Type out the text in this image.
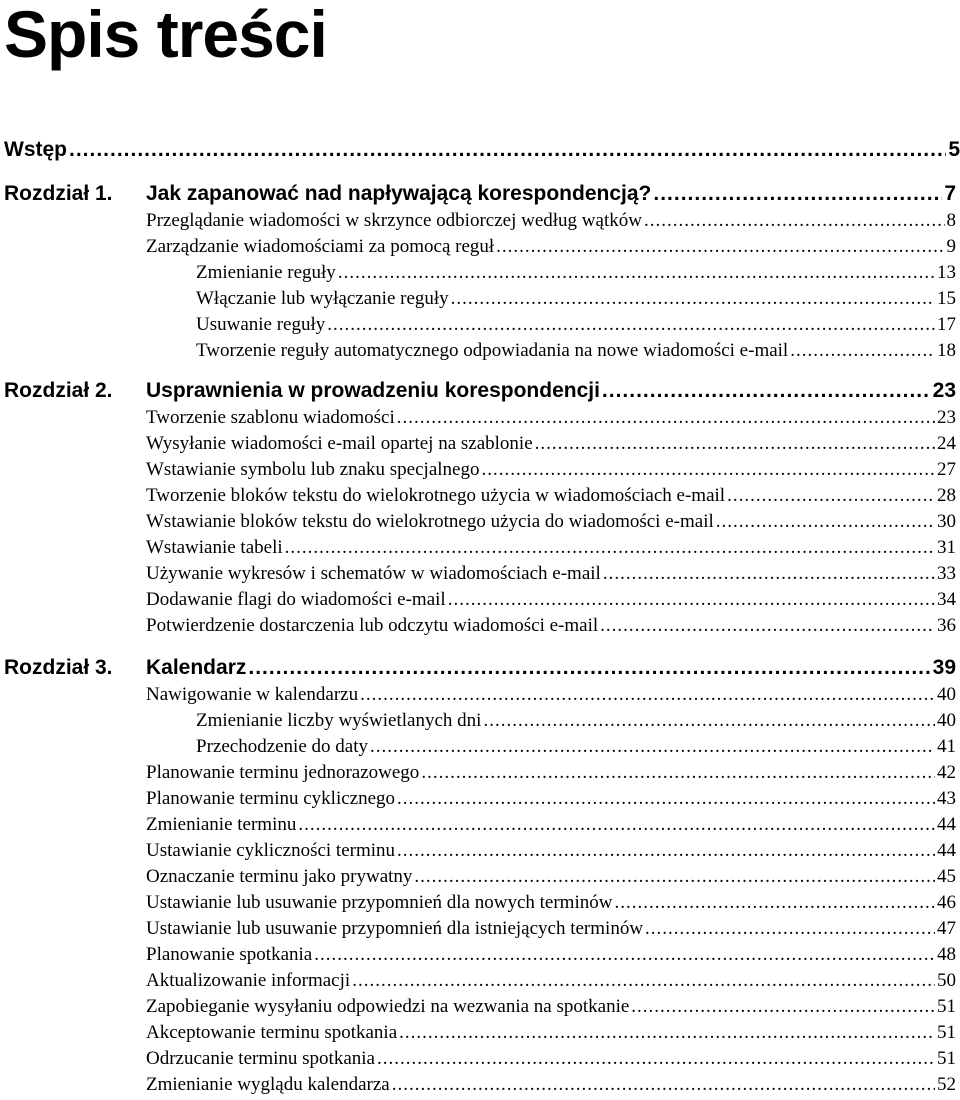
Spis treści
Wstęp .....	5
Rozdział 1. Jak zapanować nad napływającą korespondencją? .....	7
Przeglądanie wiadomości w skrzynce odbiorczej według wątków .....	8
Zarządzanie wiadomościami za pomocą reguł .....	9
Zmienianie reguły .....	13
Włączanie lub wyłączanie reguły .....	15
Usuwanie reguły .....	17
Tworzenie reguły automatycznego odpowiadania na nowe wiadomości e-mail .....	18
Rozdział 2. Usprawnienia w prowadzeniu korespondencji .....	23
Tworzenie szablonu wiadomości .....	23
Wysyłanie wiadomości e-mail opartej na szablonie .....	24
Wstawianie symbolu lub znaku specjalnego .....	27
Tworzenie bloków tekstu do wielokrotnego użycia w wiadomościach e-mail .....	28
Wstawianie bloków tekstu do wielokrotnego użycia do wiadomości e-mail .....	30
Wstawianie tabeli .....	31
Używanie wykresów i schematów w wiadomościach e-mail .....	33
Dodawanie flagi do wiadomości e-mail .....	34
Potwierdzenie dostarczenia lub odczytu wiadomości e-mail .....	36
Rozdział 3. Kalendarz .....	39
Nawigowanie w kalendarzu .....	40
Zmienianie liczby wyświetlanych dni .....	40
Przechodzenie do daty .....	41
Planowanie terminu jednorazowego .....	42
Planowanie terminu cyklicznego .....	43
Zmienianie terminu .....	44
Ustawianie cykliczności terminu .....	44
Oznaczanie terminu jako prywatny .....	45
Ustawianie lub usuwanie przypomnień dla nowych terminów .....	46
Ustawianie lub usuwanie przypomnień dla istniejących terminów .....	47
Planowanie spotkania .....	48
Aktualizowanie informacji .....	50
Zapobieganie wysyłaniu odpowiedzi na wezwania na spotkanie .....	51
Akceptowanie terminu spotkania .....	51
Odrzucanie terminu spotkania .....	51
Zmienianie wyglądu kalendarza .....	52
